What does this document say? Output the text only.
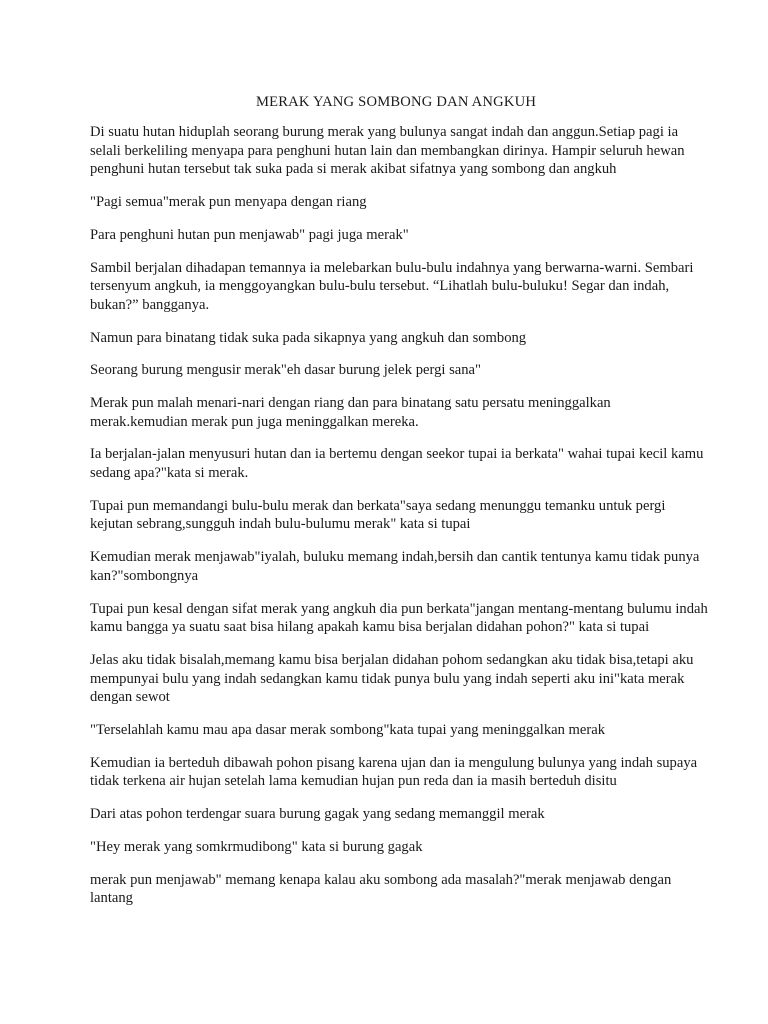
MERAK YANG SOMBONG DAN ANGKUH

Di suatu hutan hiduplah seorang burung merak yang bulunya sangat indah dan anggun.Setiap pagi ia
selali berkeliling menyapa para penghuni hutan lain dan membangkan dirinya. Hampir seluruh hewan
penghuni hutan tersebut tak suka pada si merak akibat sifatnya yang sombong dan angkuh

"Pagi semua"merak pun menyapa dengan riang

Para penghuni hutan pun menjawab" pagi juga merak"

Sambil berjalan dihadapan temannya ia melebarkan bulu-bulu indahnya yang berwarna-warni. Sembari
tersenyum angkuh, ia menggoyangkan bulu-bulu tersebut. “Lihatlah bulu-buluku! Segar dan indah,
bukan?” bangganya.

Namun para binatang tidak suka pada sikapnya yang angkuh dan sombong

Seorang burung mengusir merak"eh dasar burung jelek pergi sana"

Merak pun malah menari-nari dengan riang dan para binatang satu persatu meninggalkan
merak.kemudian merak pun juga meninggalkan mereka.

Ia berjalan-jalan menyusuri hutan dan ia bertemu dengan seekor tupai ia berkata" wahai tupai kecil kamu
sedang apa?"kata si merak.

Tupai pun memandangi bulu-bulu merak dan berkata"saya sedang menunggu temanku untuk pergi
kejutan sebrang,sungguh indah bulu-bulumu merak" kata si tupai

Kemudian merak menjawab"iyalah, buluku memang indah,bersih dan cantik tentunya kamu tidak punya
kan?"sombongnya

Tupai pun kesal dengan sifat merak yang angkuh dia pun berkata"jangan mentang-mentang bulumu indah
kamu bangga ya suatu saat bisa hilang apakah kamu bisa berjalan didahan pohon?" kata si tupai

Jelas aku tidak bisalah,memang kamu bisa berjalan didahan pohom sedangkan aku tidak bisa,tetapi aku
mempunyai bulu yang indah sedangkan kamu tidak punya bulu yang indah seperti aku ini"kata merak
dengan sewot

"Terselahlah kamu mau apa dasar merak sombong"kata tupai yang meninggalkan merak

Kemudian ia berteduh dibawah pohon pisang karena ujan dan ia mengulung bulunya yang indah supaya
tidak terkena air hujan setelah lama kemudian hujan pun reda dan ia masih berteduh disitu

Dari atas pohon terdengar suara burung gagak yang sedang memanggil merak

"Hey merak yang somkrmudibong" kata si burung gagak

merak pun menjawab" memang kenapa kalau aku sombong ada masalah?"merak menjawab dengan
lantang
